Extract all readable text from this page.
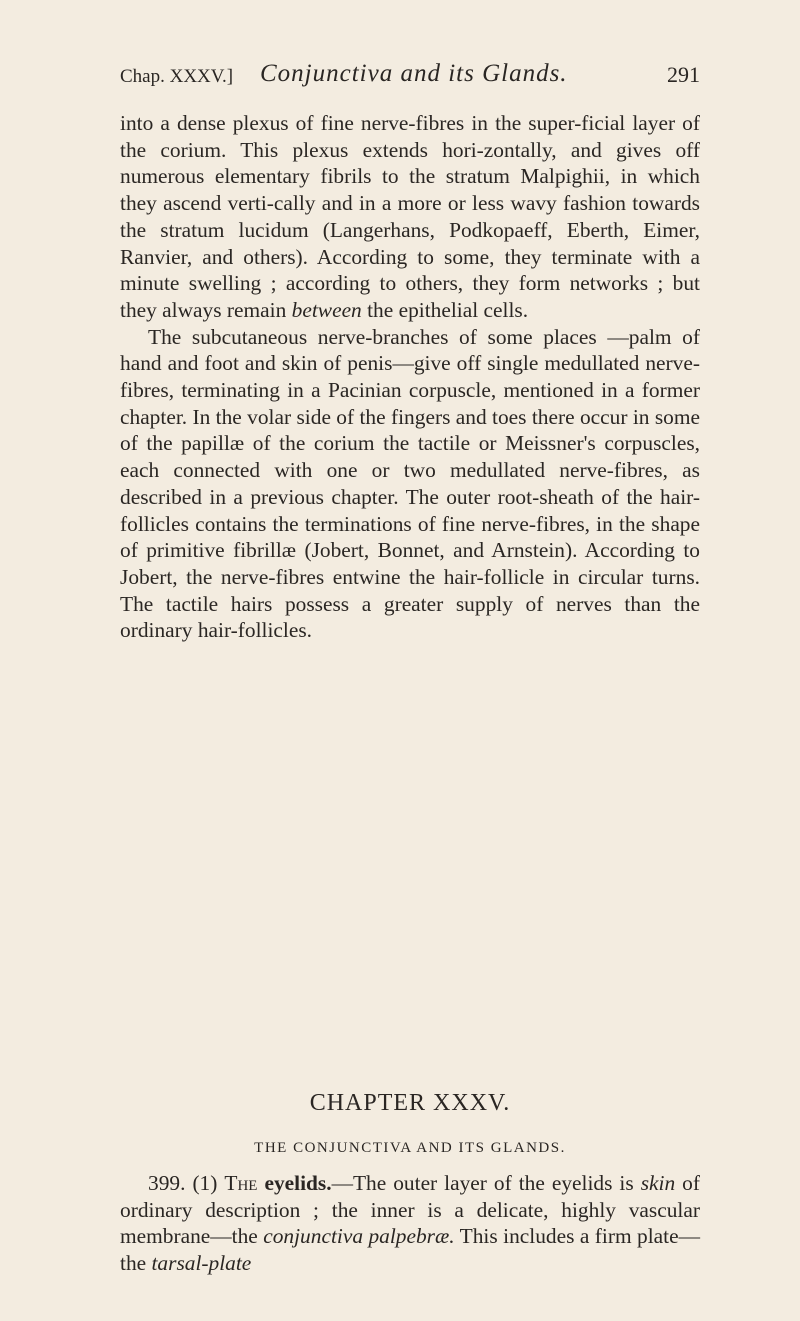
Chap. XXXV.] Conjunctiva and its Glands.	291

into a dense plexus of fine nerve-fibres in the super-ficial layer of the corium. This plexus extends hori-zontally, and gives off numerous elementary fibrils to the stratum Malpighii, in which they ascend verti-cally and in a more or less wavy fashion towards the stratum lucidum (Langerhans, Podkopaeff, Eberth, Eimer, Ranvier, and others). According to some, they terminate with a minute swelling ; according to others, they form networks ; but they always remain between the epithelial cells.

The subcutaneous nerve-branches of some places —palm of hand and foot and skin of penis—give off single medullated nerve-fibres, terminating in a Pacinian corpuscle, mentioned in a former chapter. In the volar side of the fingers and toes there occur in some of the papillæ of the corium the tactile or Meissner's corpuscles, each connected with one or two medullated nerve-fibres, as described in a previous chapter. The outer root-sheath of the hair-follicles contains the terminations of fine nerve-fibres, in the shape of primitive fibrillæ (Jobert, Bonnet, and Arnstein). According to Jobert, the nerve-fibres entwine the hair-follicle in circular turns. The tactile hairs possess a greater supply of nerves than the ordinary hair-follicles.

CHAPTER XXXV.
THE CONJUNCTIVA AND ITS GLANDS.

399. (1) The eyelids.—The outer layer of the eyelids is skin of ordinary description ; the inner is a delicate, highly vascular membrane—the conjunctiva palpebræ. This includes a firm plate—the tarsal-plate
